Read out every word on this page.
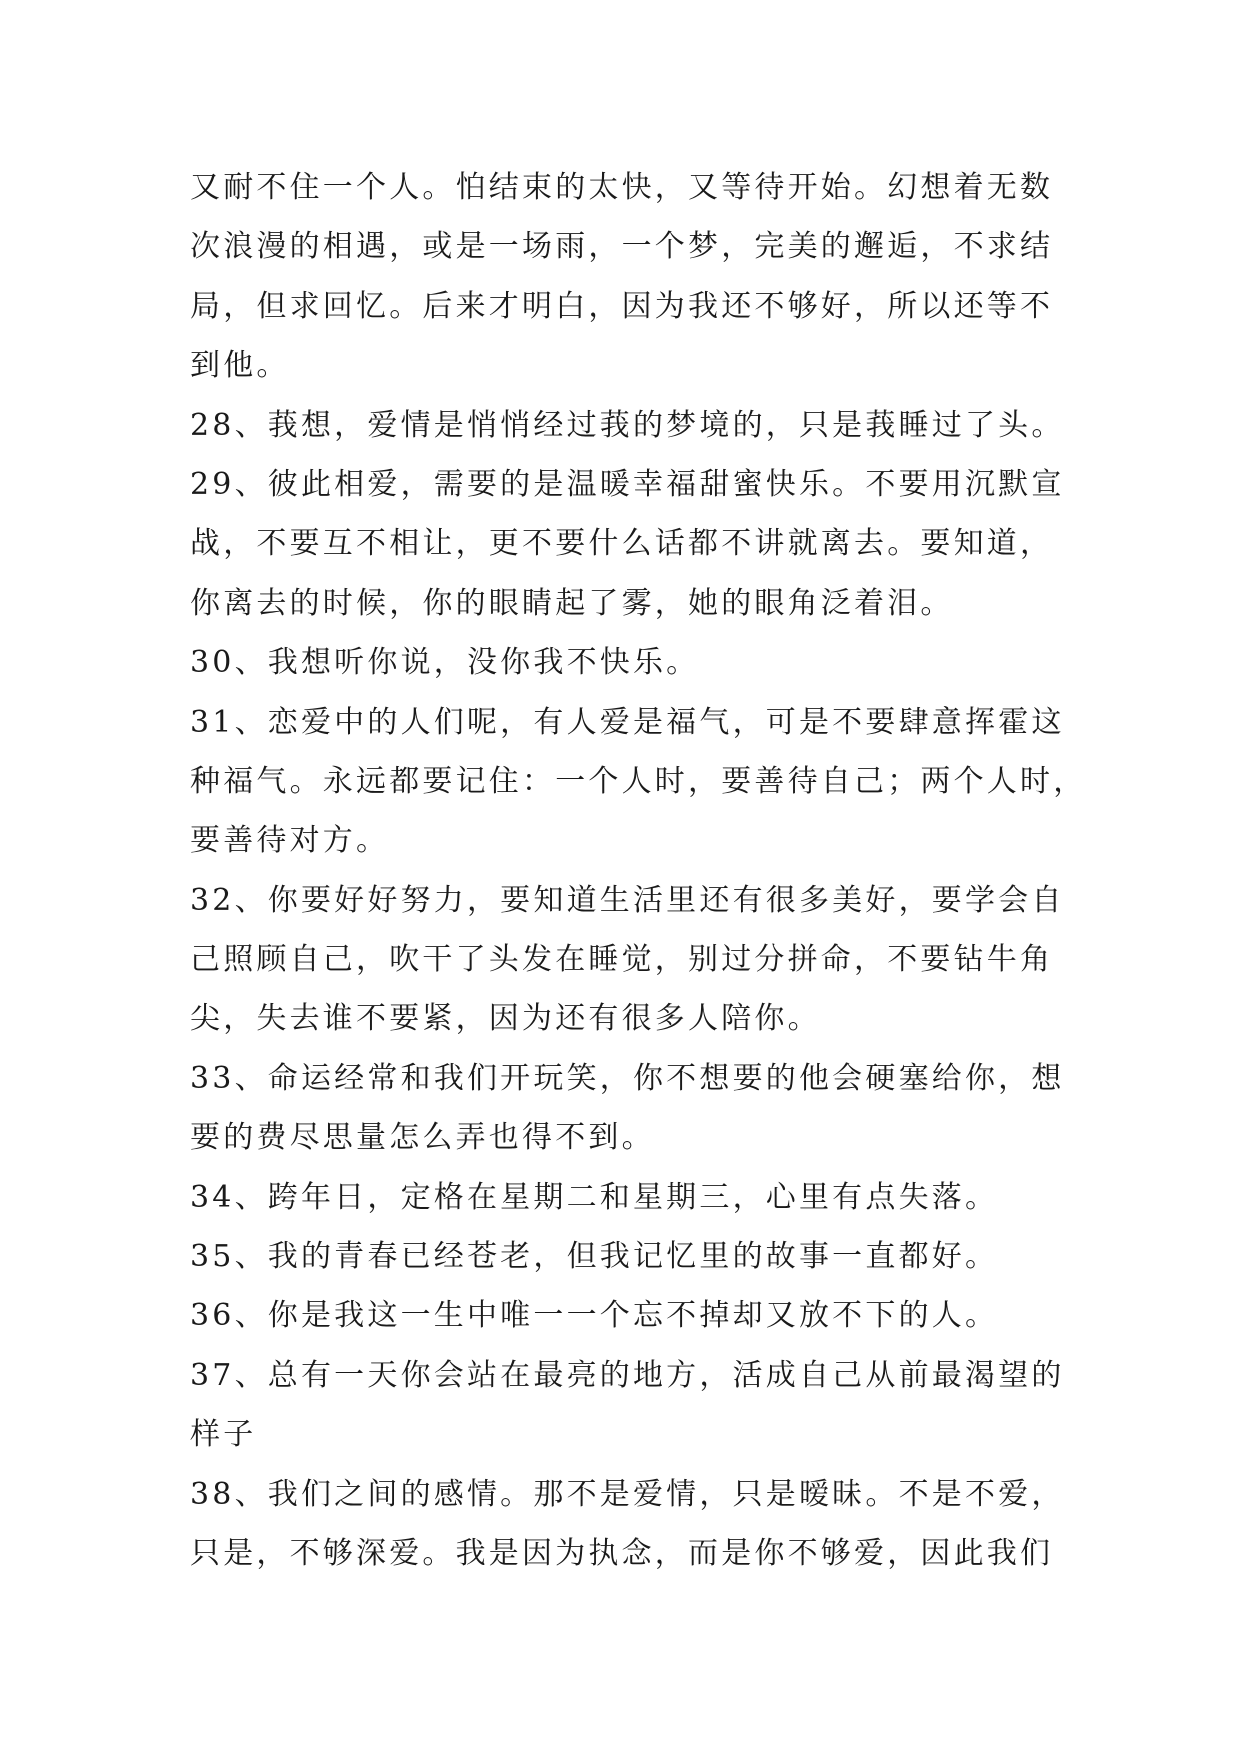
又耐不住一个人。怕结束的太快，又等待开始。幻想着无数
次浪漫的相遇，或是一场雨，一个梦，完美的邂逅，不求结
局，但求回忆。后来才明白，因为我还不够好，所以还等不
到他。
28、莪想，爱情是悄悄经过莪的梦境的，只是莪睡过了头。
29、彼此相爱，需要的是温暖幸福甜蜜快乐。不要用沉默宣
战，不要互不相让，更不要什么话都不讲就离去。要知道，
你离去的时候，你的眼睛起了雾，她的眼角泛着泪。
30、我想听你说，没你我不快乐。
31、恋爱中的人们呢，有人爱是福气，可是不要肆意挥霍这
种福气。永远都要记住：一个人时，要善待自己；两个人时，
要善待对方。
32、你要好好努力，要知道生活里还有很多美好，要学会自
己照顾自己，吹干了头发在睡觉，别过分拼命，不要钻牛角
尖，失去谁不要紧，因为还有很多人陪你。
33、命运经常和我们开玩笑，你不想要的他会硬塞给你，想
要的费尽思量怎么弄也得不到。
34、跨年日，定格在星期二和星期三，心里有点失落。
35、我的青春已经苍老，但我记忆里的故事一直都好。
36、你是我这一生中唯一一个忘不掉却又放不下的人。
37、总有一天你会站在最亮的地方，活成自己从前最渴望的
样子
38、我们之间的感情。那不是爱情，只是暧昧。不是不爱，
只是，不够深爱。我是因为执念，而是你不够爱，因此我们
